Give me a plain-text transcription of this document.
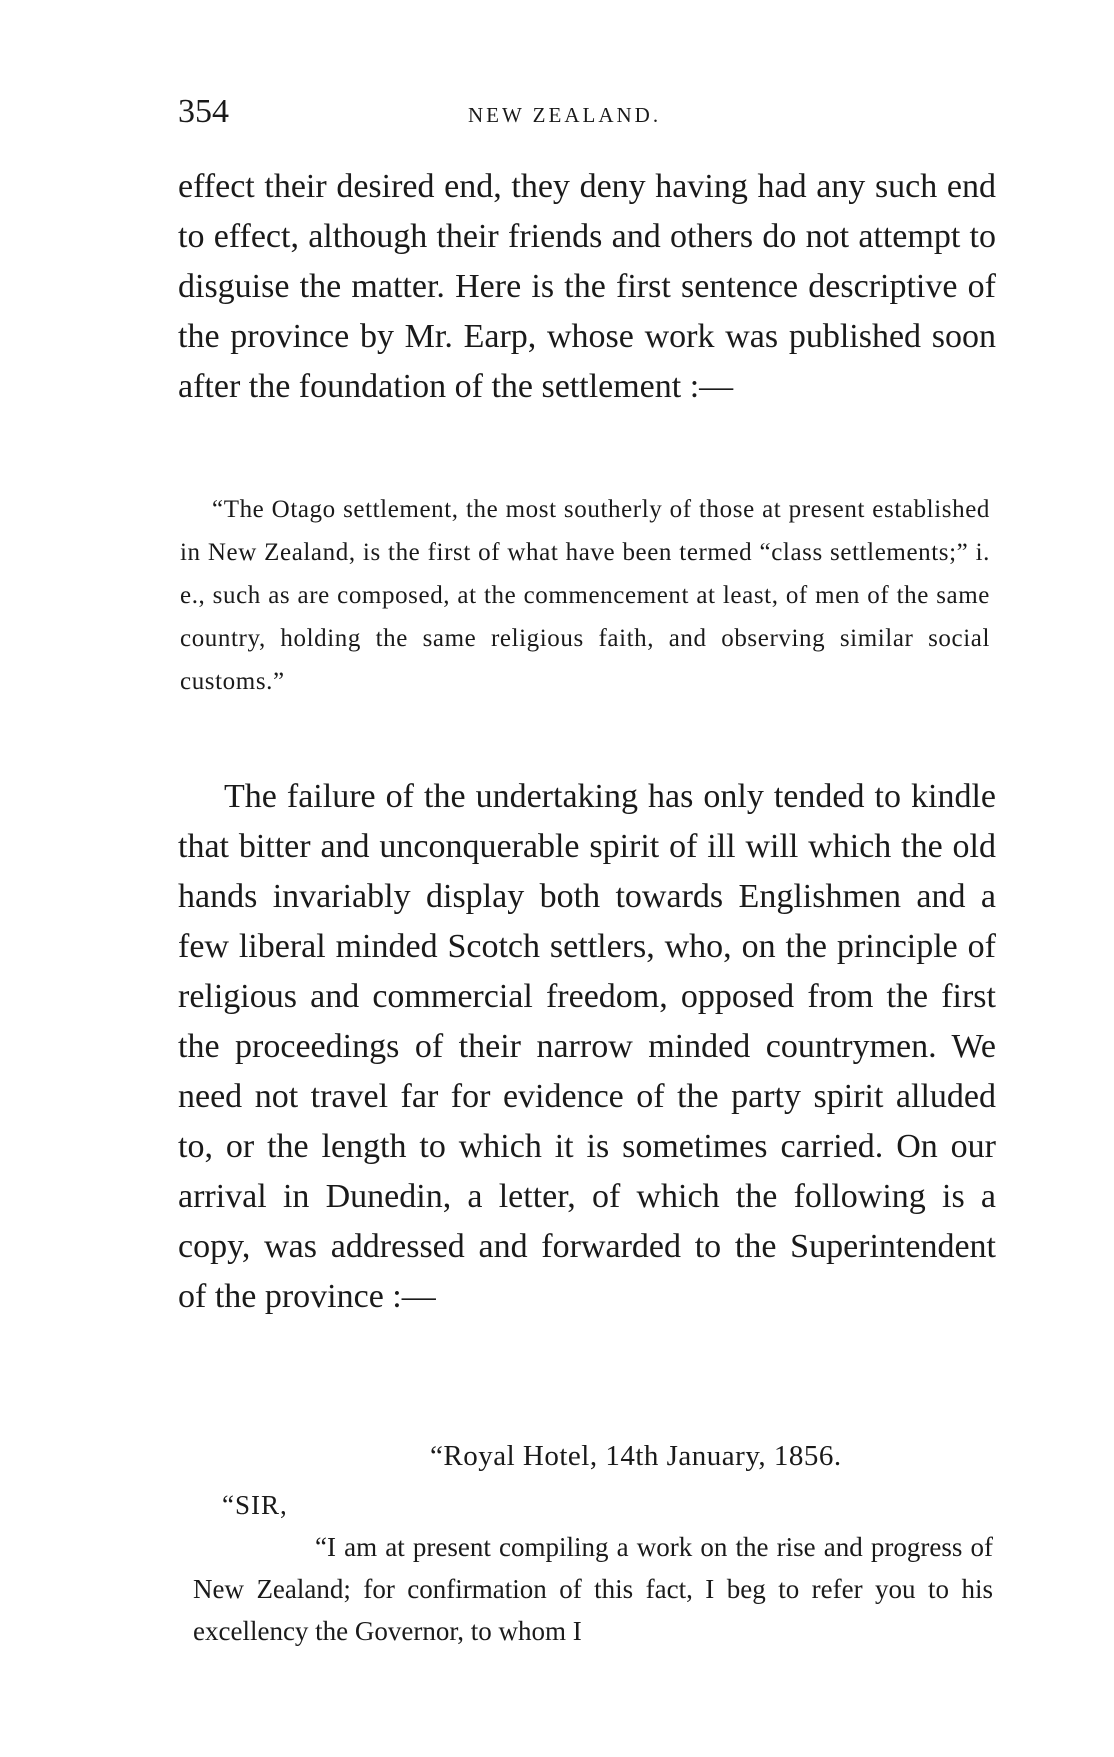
354	NEW ZEALAND.

effect their desired end, they deny having had any such end to effect, although their friends and others do not attempt to disguise the matter. Here is the first sentence descriptive of the province by Mr. Earp, whose work was published soon after the foundation of the settlement :—

“The Otago settlement, the most southerly of those at present established in New Zealand, is the first of what have been termed “class settlements;” i. e., such as are composed, at the commencement at least, of men of the same country, holding the same religious faith, and observing similar social customs.”

The failure of the undertaking has only tended to kindle that bitter and unconquerable spirit of ill will which the old hands invariably display both towards Englishmen and a few liberal minded Scotch settlers, who, on the principle of religious and commercial freedom, opposed from the first the proceedings of their narrow minded countrymen. We need not travel far for evidence of the party spirit alluded to, or the length to which it is sometimes carried. On our arrival in Dunedin, a letter, of which the following is a copy, was addressed and forwarded to the Superintendent of the province :—

“Royal Hotel, 14th January, 1856.
“SIR,

“I am at present compiling a work on the rise and progress of New Zealand; for confirmation of this fact, I beg to refer you to his excellency the Governor, to whom I
